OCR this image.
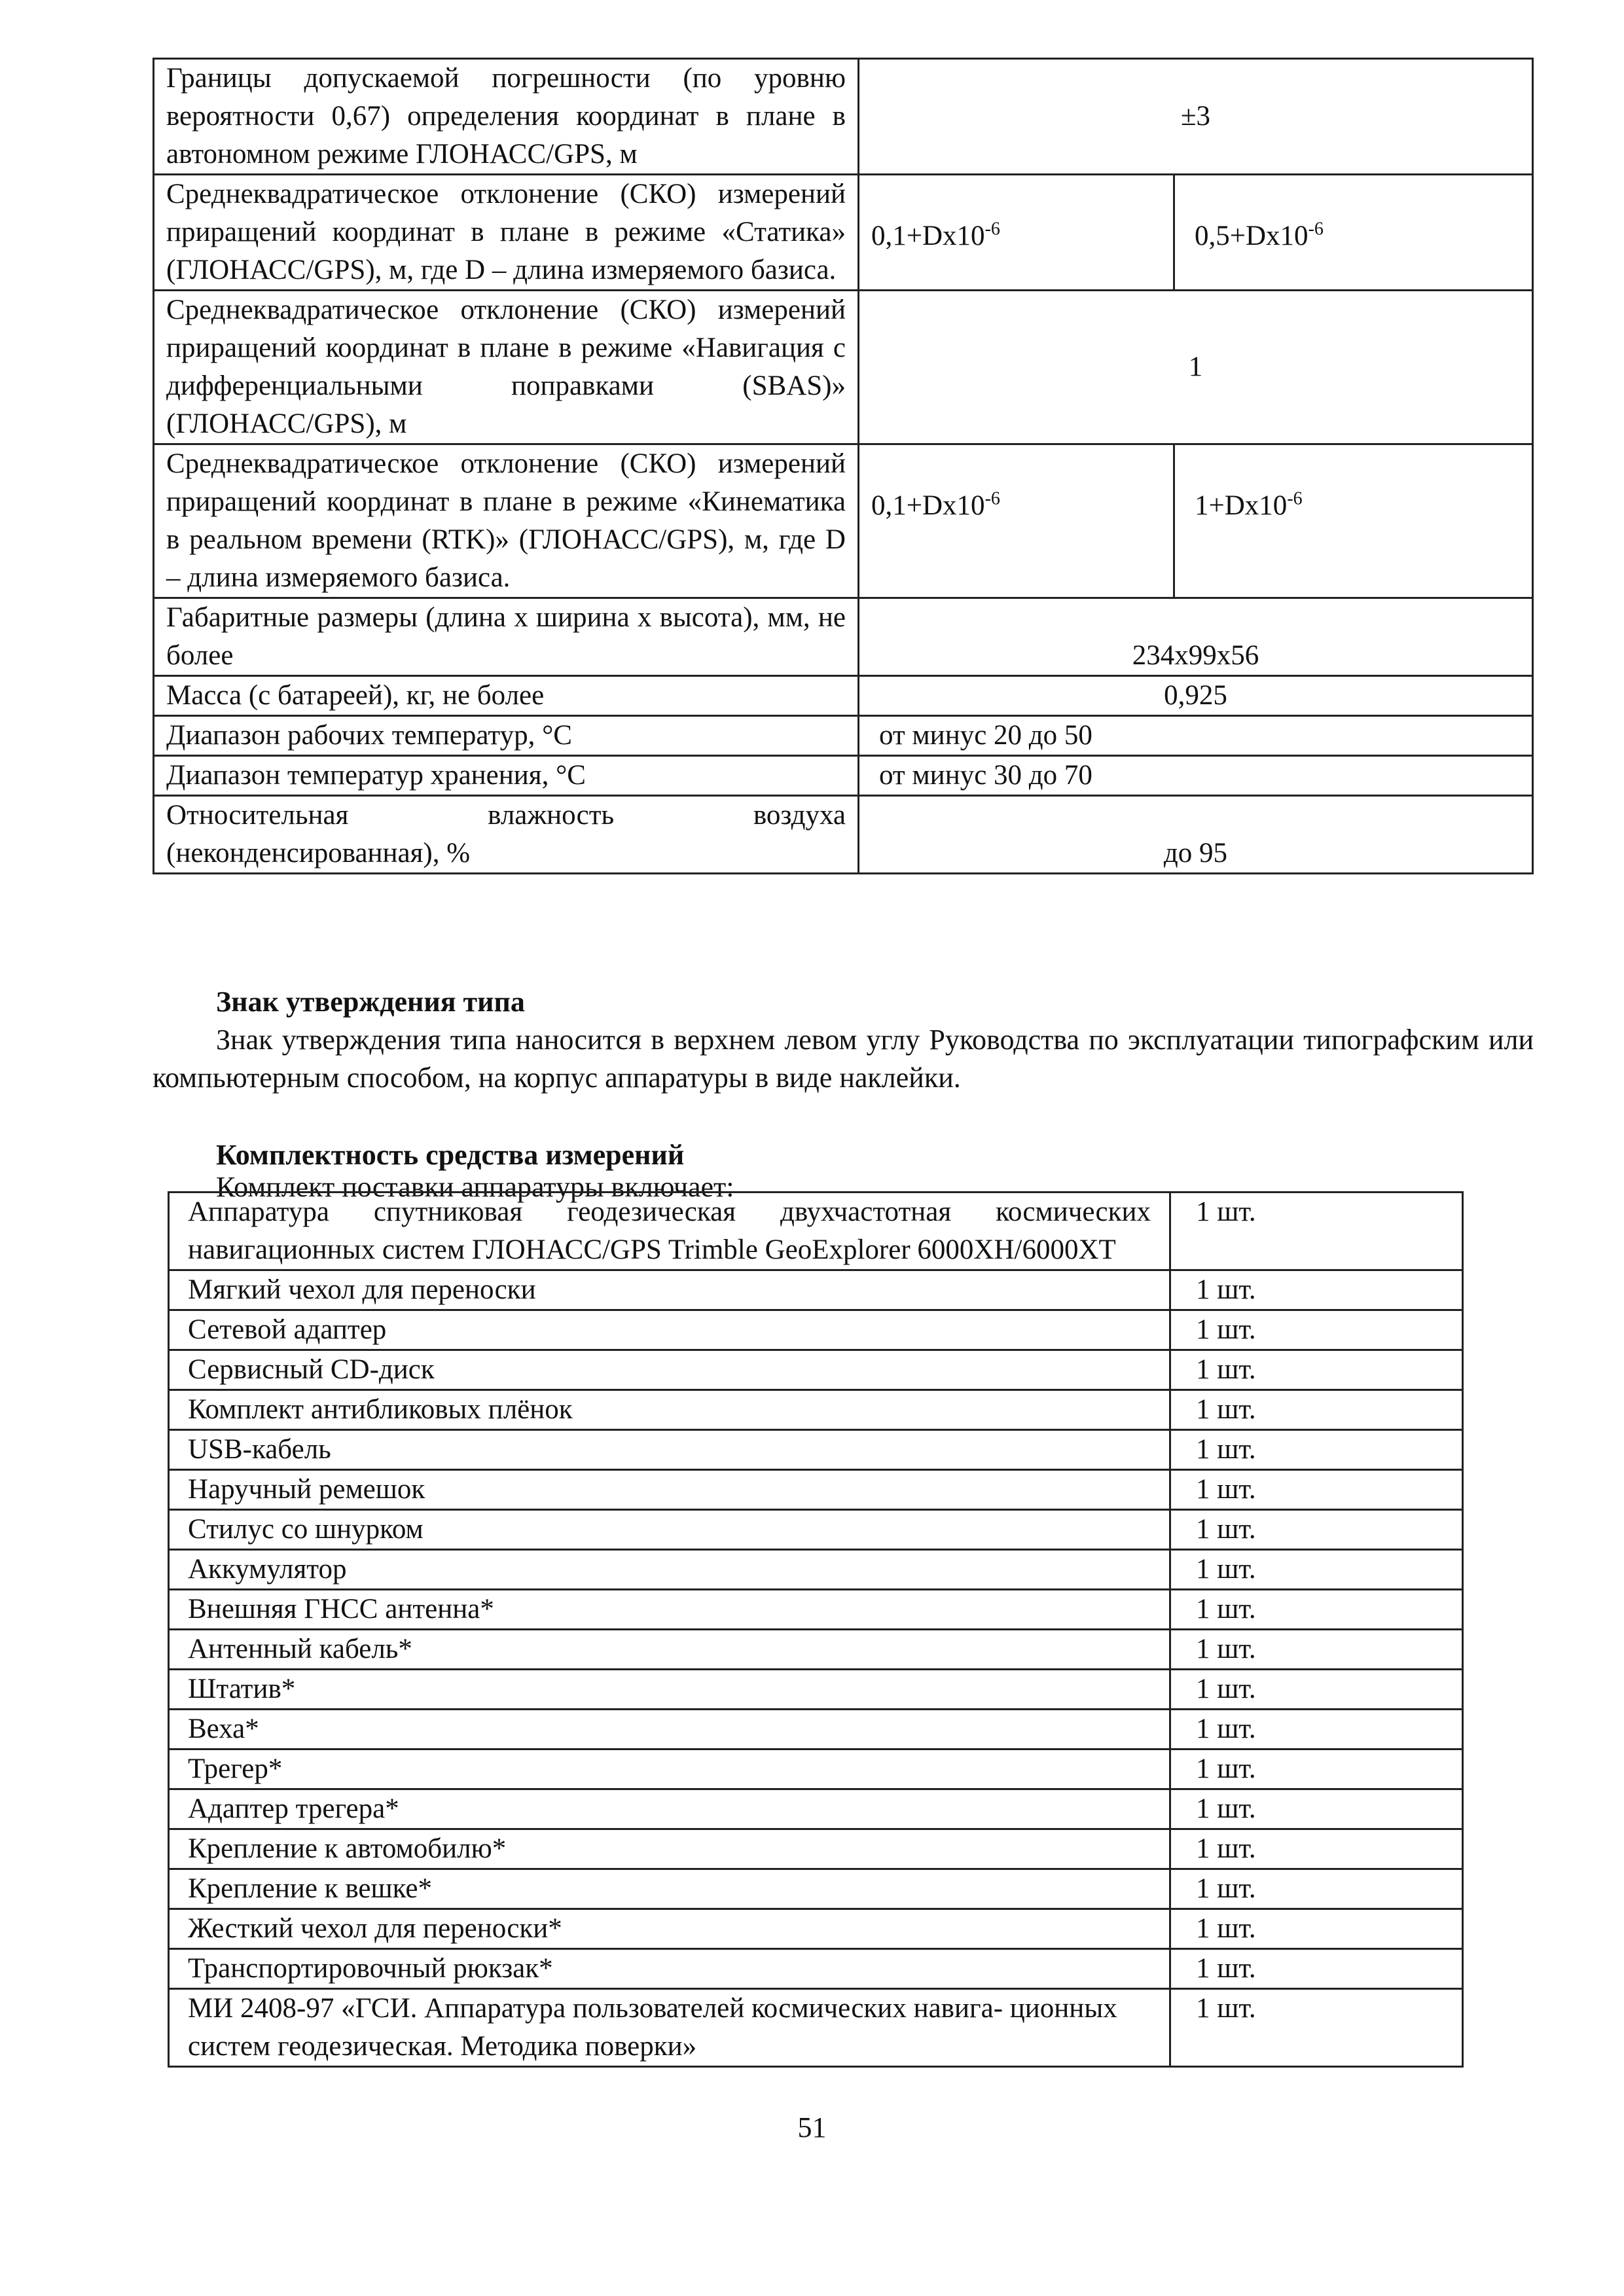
Границы допускаемой погрешности (по уровню вероятности 0,67) определения координат в плане в автономном режиме ГЛОНАСС/GPS, м	±3	
Среднеквадратическое отклонение (СКО) измерений приращений координат в плане в режиме «Статика» (ГЛОНАСС/GPS), м, где D – длина измеряемого базиса.	$0,1+Dх10^{-6}$	$0,5+Dх10^{-6}$
Среднеквадратическое отклонение (СКО) измерений приращений координат в плане в режиме «Навигация с дифференциальными поправками (SBAS)» (ГЛОНАСС/GPS), м	1	
Среднеквадратическое отклонение (СКО) измерений приращений координат в плане в режиме «Кинематика в реальном времени (RTK)» (ГЛОНАСС/GPS), м, где D – длина измеряемого базиса.	$0,1+Dх10^{-6}$	$1+Dх10^{-6}$
Габаритные размеры (длина х ширина х высота), мм, не более	234x99x56	
Масса (с батареей), кг, не более	0,925	
Диапазон рабочих температур, °С	от минус 20 до 50	
Диапазон температур хранения, °С	от минус 30 до 70	
Относительная влажность воздуха (неконденсированная), %	до 95	
Знак утверждения типа
Знак утверждения типа наносится в верхнем левом углу Руководства по эксплуатации типографским или компьютерным способом, на корпус аппаратуры в виде наклейки.
Комплектность средства измерений
Комплект поставки аппаратуры включает:
Аппаратура спутниковая геодезическая двухчастотная космических навигационных систем ГЛОНАСС/GPS Trimble GeoExplorer 6000XH/6000XT	1 шт.
Мягкий чехол для переноски	1 шт.
Сетевой адаптер	1 шт.
Сервисный CD-диск	1 шт.
Комплект антибликовых плёнок	1 шт.
USB-кабель	1 шт.
Наручный ремешок	1 шт.
Стилус со шнурком	1 шт.
Аккумулятор	1 шт.
Внешняя ГНСС антенна*	1 шт.
Антенный кабель*	1 шт.
Штатив*	1 шт.
Веха*	1 шт.
Трегер*	1 шт.
Адаптер трегера*	1 шт.
Крепление к автомобилю*	1 шт.
Крепление к вешке*	1 шт.
Жесткий чехол для переноски*	1 шт.
Транспортировочный рюкзак*	1 шт.
МИ 2408-97 «ГСИ. Аппаратура пользователей космических навига- ционных систем геодезическая. Методика поверки»	1 шт.
51
